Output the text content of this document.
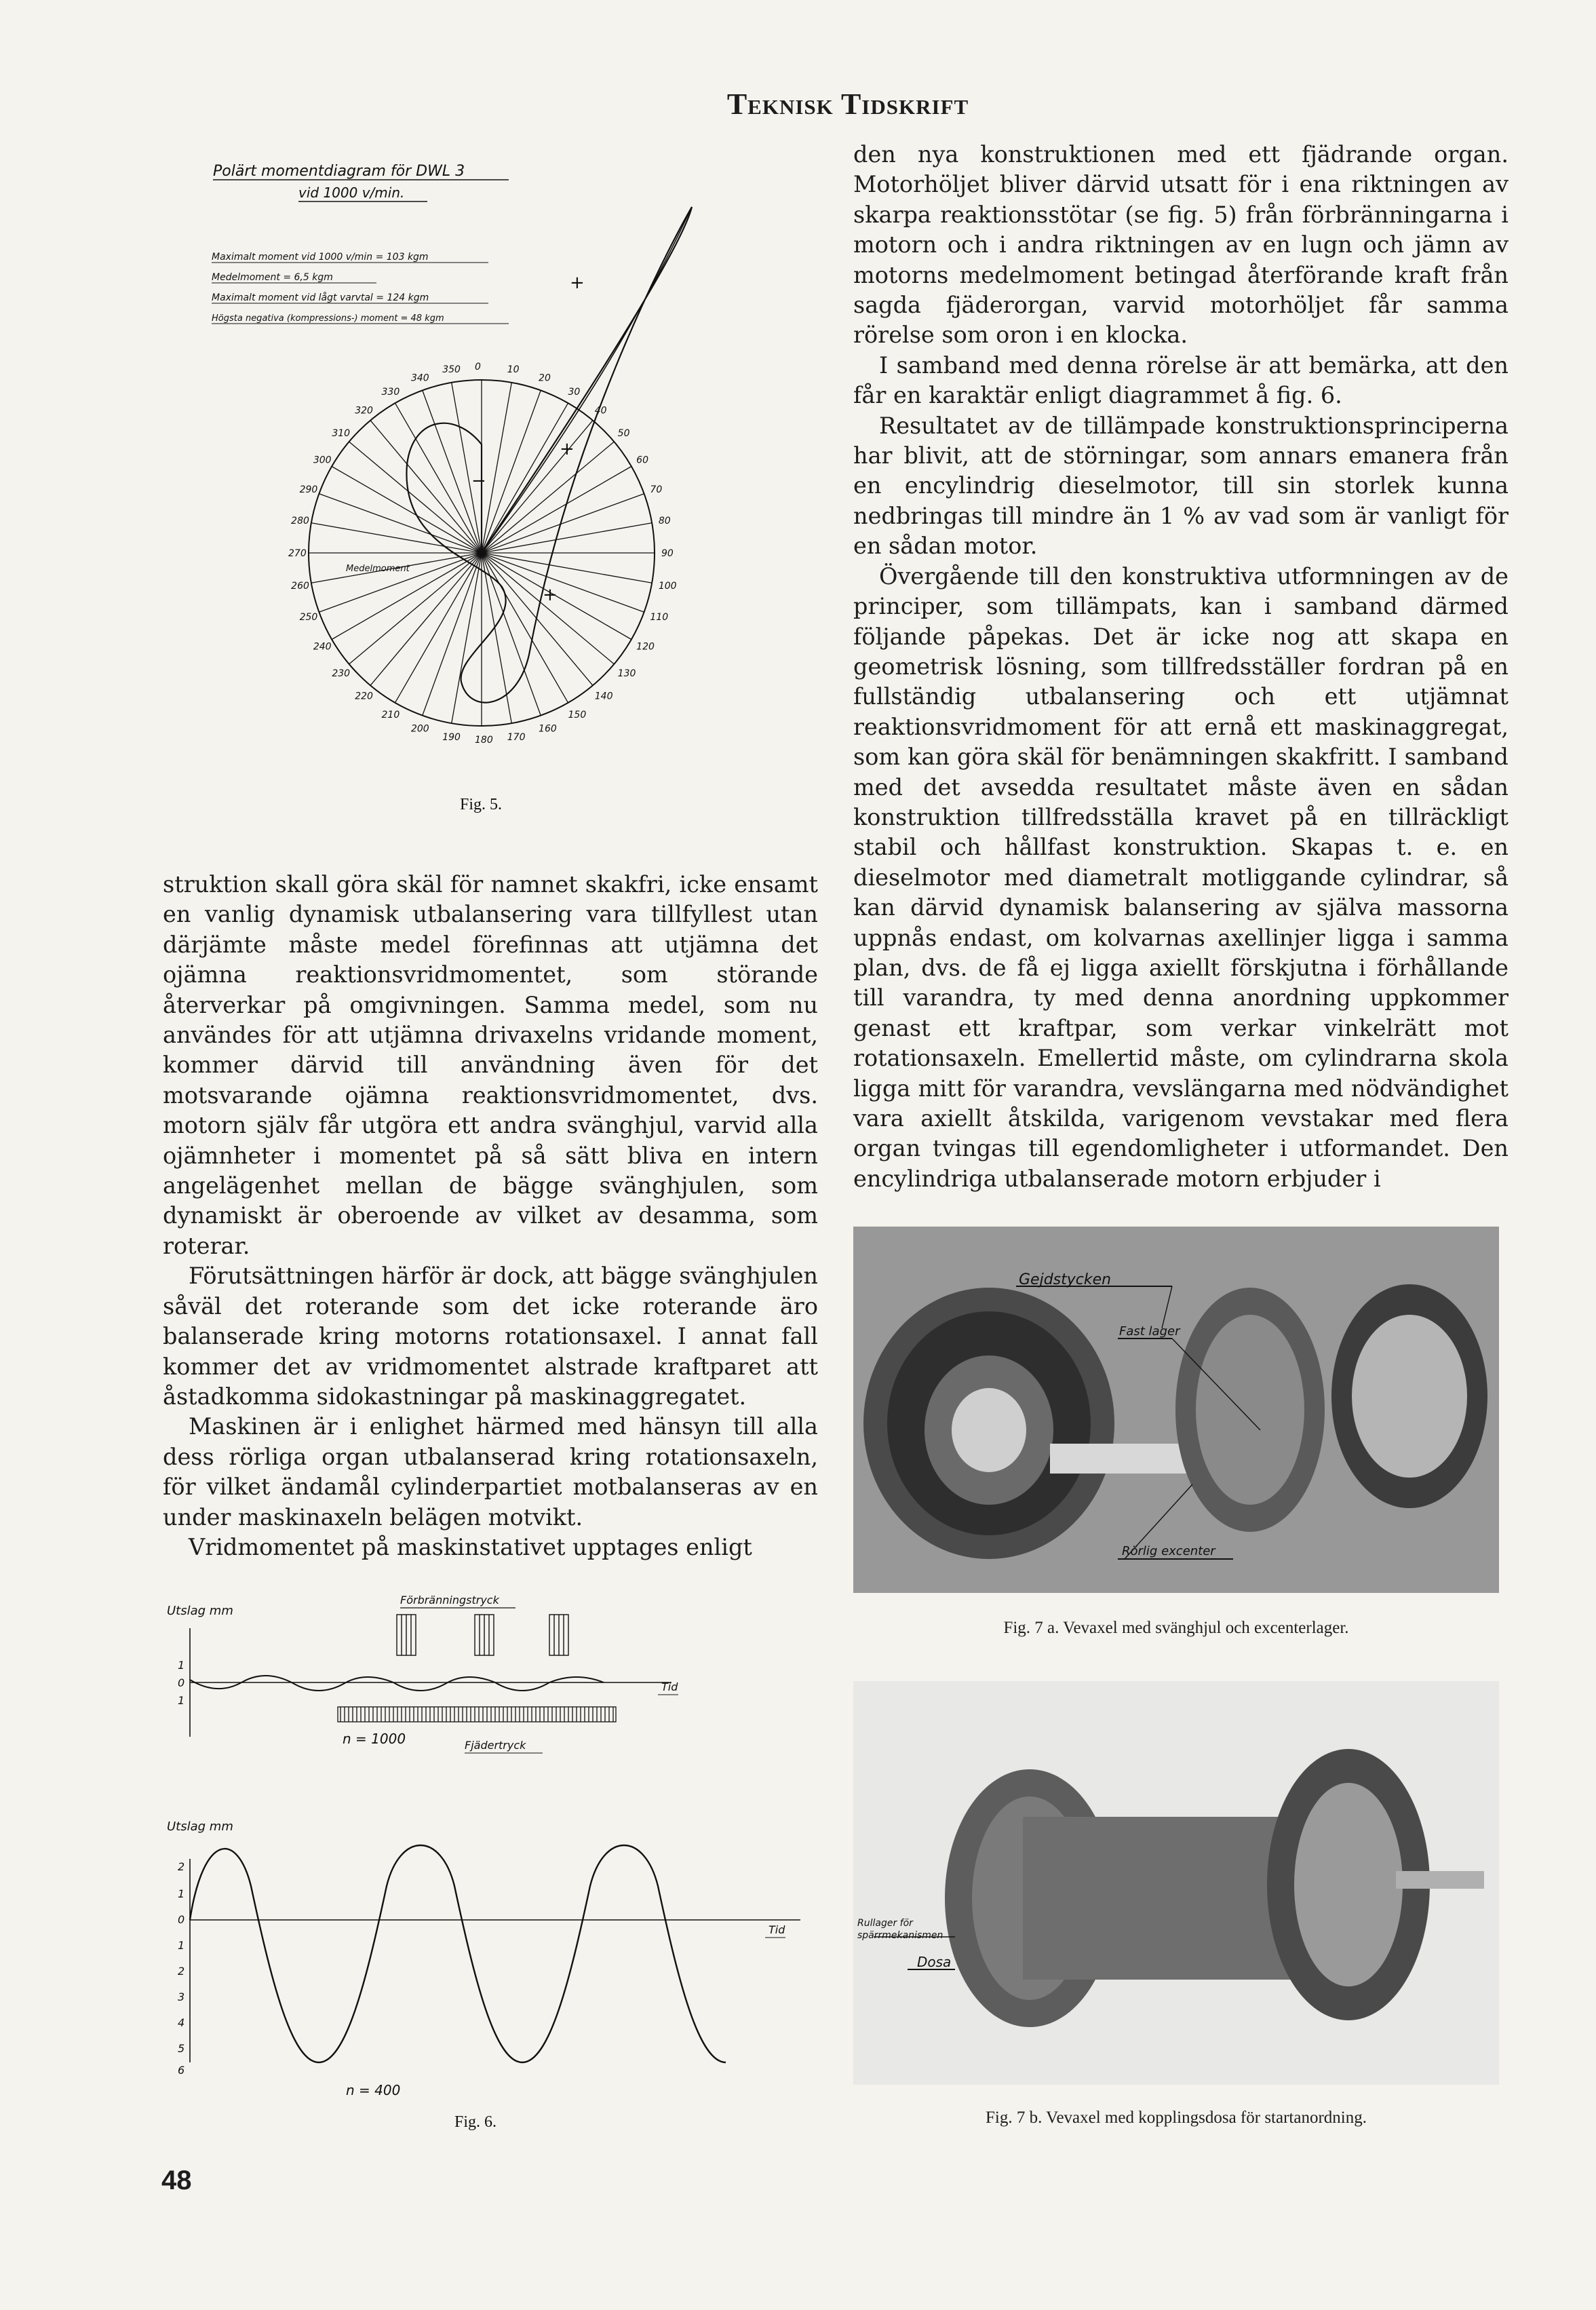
Teknisk Tidskrift
Polärt momentdiagram för DWL 3
vid 1000 v/min.
Maximalt moment vid 1000 v/min = 103 kgm
Medelmoment = 6,5 kgm
Maximalt moment vid lågt varvtal = 124 kgm
Högsta negativa (kompressions-) moment = 48 kgm
0	10
20
30
40
50
60
70
80
90
100
110
120
130
140
150
160
170
180
190
200
210
220
230
240
250
260
270
280
290
300
310
320
330
340
350
+
+
−
+
Medelmoment
Fig. 5.
Utslag mm
Förbränningstryck
1
0
1
Tid
n = 1000	Fjädertryck
Utslag mm
2
1
0
1
2
3
4
5
6
Tid
n = 400
Fig. 6.
Gejdstycken
Fast lager
Rörlig excenter
Fig. 7 a. Vevaxel med svänghjul och excenterlager.
Rullager för spärrmekanismen
Dosa
Fig. 7 b. Vevaxel med kopplingsdosa för startanordning.

struktion skall göra skäl för namnet skakfri, icke ensamt en vanlig dynamisk utbalansering vara tillfyllest utan därjämte måste medel förefinnas att utjämna det ojämna reaktionsvridmomentet, som störande återverkar på omgivningen. Samma medel, som nu användes för att utjämna drivaxelns vridande moment, kommer därvid till användning även för det motsvarande ojämna reaktionsvridmomentet, dvs. motorn själv får utgöra ett andra svänghjul, varvid alla ojämnheter i momentet på så sätt bliva en intern angelägenhet mellan de bägge svänghjulen, som dynamiskt är oberoende av vilket av desamma, som roterar.

Förutsättningen härför är dock, att bägge svänghjulen såväl det roterande som det icke roterande äro balanserade kring motorns rotationsaxel. I annat fall kommer det av vridmomentet alstrade kraftparet att åstadkomma sidokastningar på maskinaggregatet.

Maskinen är i enlighet härmed med hänsyn till alla dess rörliga organ utbalanserad kring rotationsaxeln, för vilket ändamål cylinderpartiet motbalanseras av en under maskinaxeln belägen motvikt.

Vridmomentet på maskinstativet upptages enligt

den nya konstruktionen med ett fjädrande organ. Motorhöljet bliver därvid utsatt för i ena riktningen av skarpa reaktionsstötar (se fig. 5) från förbränningarna i motorn och i andra riktningen av en lugn och jämn av motorns medelmoment betingad återförande kraft från sagda fjäderorgan, varvid motorhöljet får samma rörelse som oron i en klocka.

I samband med denna rörelse är att bemärka, att den får en karaktär enligt diagrammet å fig. 6.

Resultatet av de tillämpade konstruktionsprinciperna har blivit, att de störningar, som annars emanera från en encylindrig dieselmotor, till sin storlek kunna nedbringas till mindre än 1 % av vad som är vanligt för en sådan motor.

Övergående till den konstruktiva utformningen av de principer, som tillämpats, kan i samband därmed följande påpekas. Det är icke nog att skapa en geometrisk lösning, som tillfredsställer fordran på en fullständig utbalansering och ett utjämnat reaktionsvridmoment för att ernå ett maskinaggregat, som kan göra skäl för benämningen skakfritt. I samband med det avsedda resultatet måste även en sådan konstruktion tillfredsställa kravet på en tillräckligt stabil och hållfast konstruktion. Skapas t. e. en dieselmotor med diametralt motliggande cylindrar, så kan därvid dynamisk balansering av själva massorna uppnås endast, om kolvarnas axellinjer ligga i samma plan, dvs. de få ej ligga axiellt förskjutna i förhållande till varandra, ty med denna anordning uppkommer genast ett kraftpar, som verkar vinkelrätt mot rotationsaxeln. Emellertid måste, om cylindrarna skola ligga mitt för varandra, vevslängarna med nödvändighet vara axiellt åtskilda, varigenom vevstakar med flera organ tvingas till egendomligheter i utformandet. Den encylindriga utbalanserade motorn erbjuder i

48
